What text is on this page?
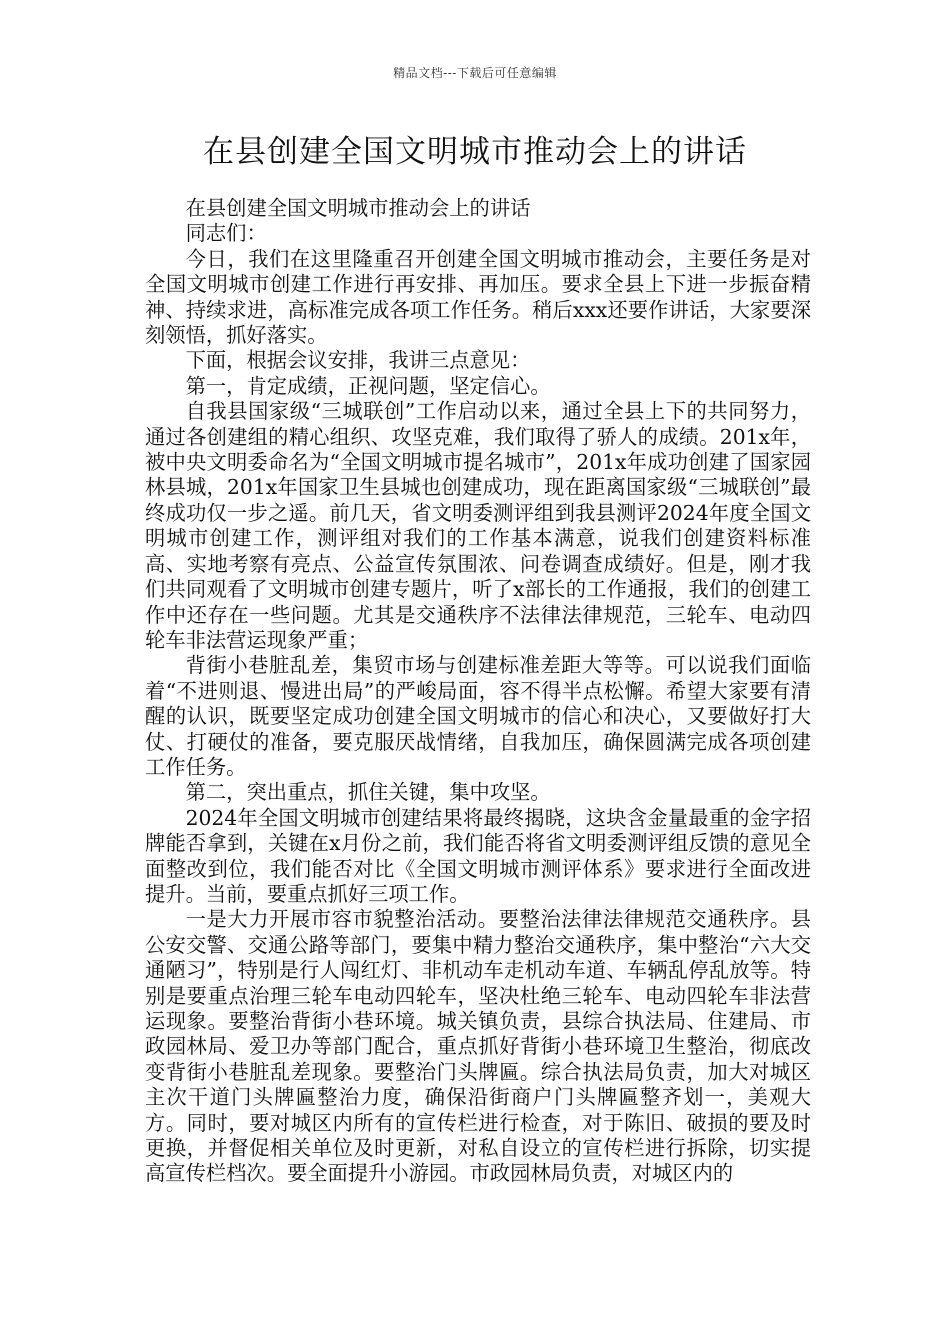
精品文档---下载后可任意编辑
在县创建全国文明城市推动会上的讲话

在县创建全国文明城市推动会上的讲话

同志们：

今日，我们在这里隆重召开创建全国文明城市推动会，主要任务是对全国文明城市创建工作进行再安排、再加压。要求全县上下进一步振奋精神、持续求进，高标准完成各项工作任务。稍后xxx还要作讲话，大家要深刻领悟，抓好落实。

下面，根据会议安排，我讲三点意见：

第一，肯定成绩，正视问题，坚定信心。

自我县国家级“三城联创”工作启动以来，通过全县上下的共同努力，通过各创建组的精心组织、攻坚克难，我们取得了骄人的成绩。201x年，被中央文明委命名为“全国文明城市提名城市”，201x年成功创建了国家园林县城，201x年国家卫生县城也创建成功，现在距离国家级“三城联创”最终成功仅一步之遥。前几天，省文明委测评组到我县测评2024年度全国文明城市创建工作，测评组对我们的工作基本满意，说我们创建资料标准高、实地考察有亮点、公益宣传氛围浓、问卷调查成绩好。但是，刚才我们共同观看了文明城市创建专题片，听了x部长的工作通报，我们的创建工作中还存在一些问题。尤其是交通秩序不法律法律规范，三轮车、电动四轮车非法营运现象严重；

背街小巷脏乱差，集贸市场与创建标准差距大等等。可以说我们面临着“不进则退、慢进出局”的严峻局面，容不得半点松懈。希望大家要有清醒的认识，既要坚定成功创建全国文明城市的信心和决心，又要做好打大仗、打硬仗的准备，要克服厌战情绪，自我加压，确保圆满完成各项创建工作任务。

第二，突出重点，抓住关键，集中攻坚。

2024年全国文明城市创建结果将最终揭晓，这块含金量最重的金字招牌能否拿到，关键在x月份之前，我们能否将省文明委测评组反馈的意见全面整改到位，我们能否对比《全国文明城市测评体系》要求进行全面改进提升。当前，要重点抓好三项工作。

一是大力开展市容市貌整治活动。要整治法律法律规范交通秩序。县公安交警、交通公路等部门，要集中精力整治交通秩序，集中整治“六大交通陋习”，特别是行人闯红灯、非机动车走机动车道、车辆乱停乱放等。特别是要重点治理三轮车电动四轮车，坚决杜绝三轮车、电动四轮车非法营运现象。要整治背街小巷环境。城关镇负责，县综合执法局、住建局、市政园林局、爱卫办等部门配合，重点抓好背街小巷环境卫生整治，彻底改变背街小巷脏乱差现象。要整治门头牌匾。综合执法局负责，加大对城区主次干道门头牌匾整治力度，确保沿街商户门头牌匾整齐划一，美观大方。同时，要对城区内所有的宣传栏进行检查，对于陈旧、破损的要及时更换，并督促相关单位及时更新，对私自设立的宣传栏进行拆除，切实提高宣传栏档次。要全面提升小游园。市政园林局负责，对城区内的
